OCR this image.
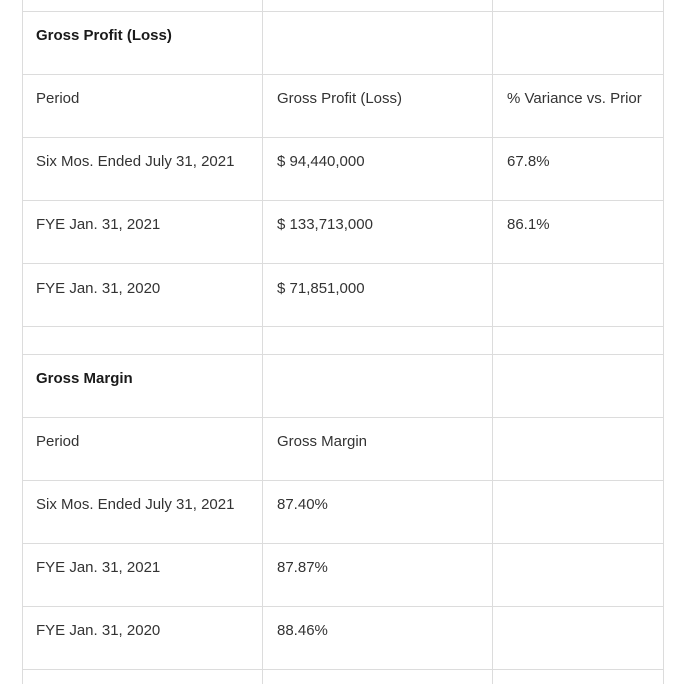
Gross Profit (Loss)
Period	Gross Profit (Loss)	% Variance vs. Prior
Six Mos. Ended July 31, 2021	$ 94,440,000	67.8%
FYE Jan. 31, 2021	$ 133,713,000	86.1%
FYE Jan. 31, 2020	$ 71,851,000
Gross Margin
Period	Gross Margin
Six Mos. Ended July 31, 2021	87.40%
FYE Jan. 31, 2021	87.87%
FYE Jan. 31, 2020	88.46%
